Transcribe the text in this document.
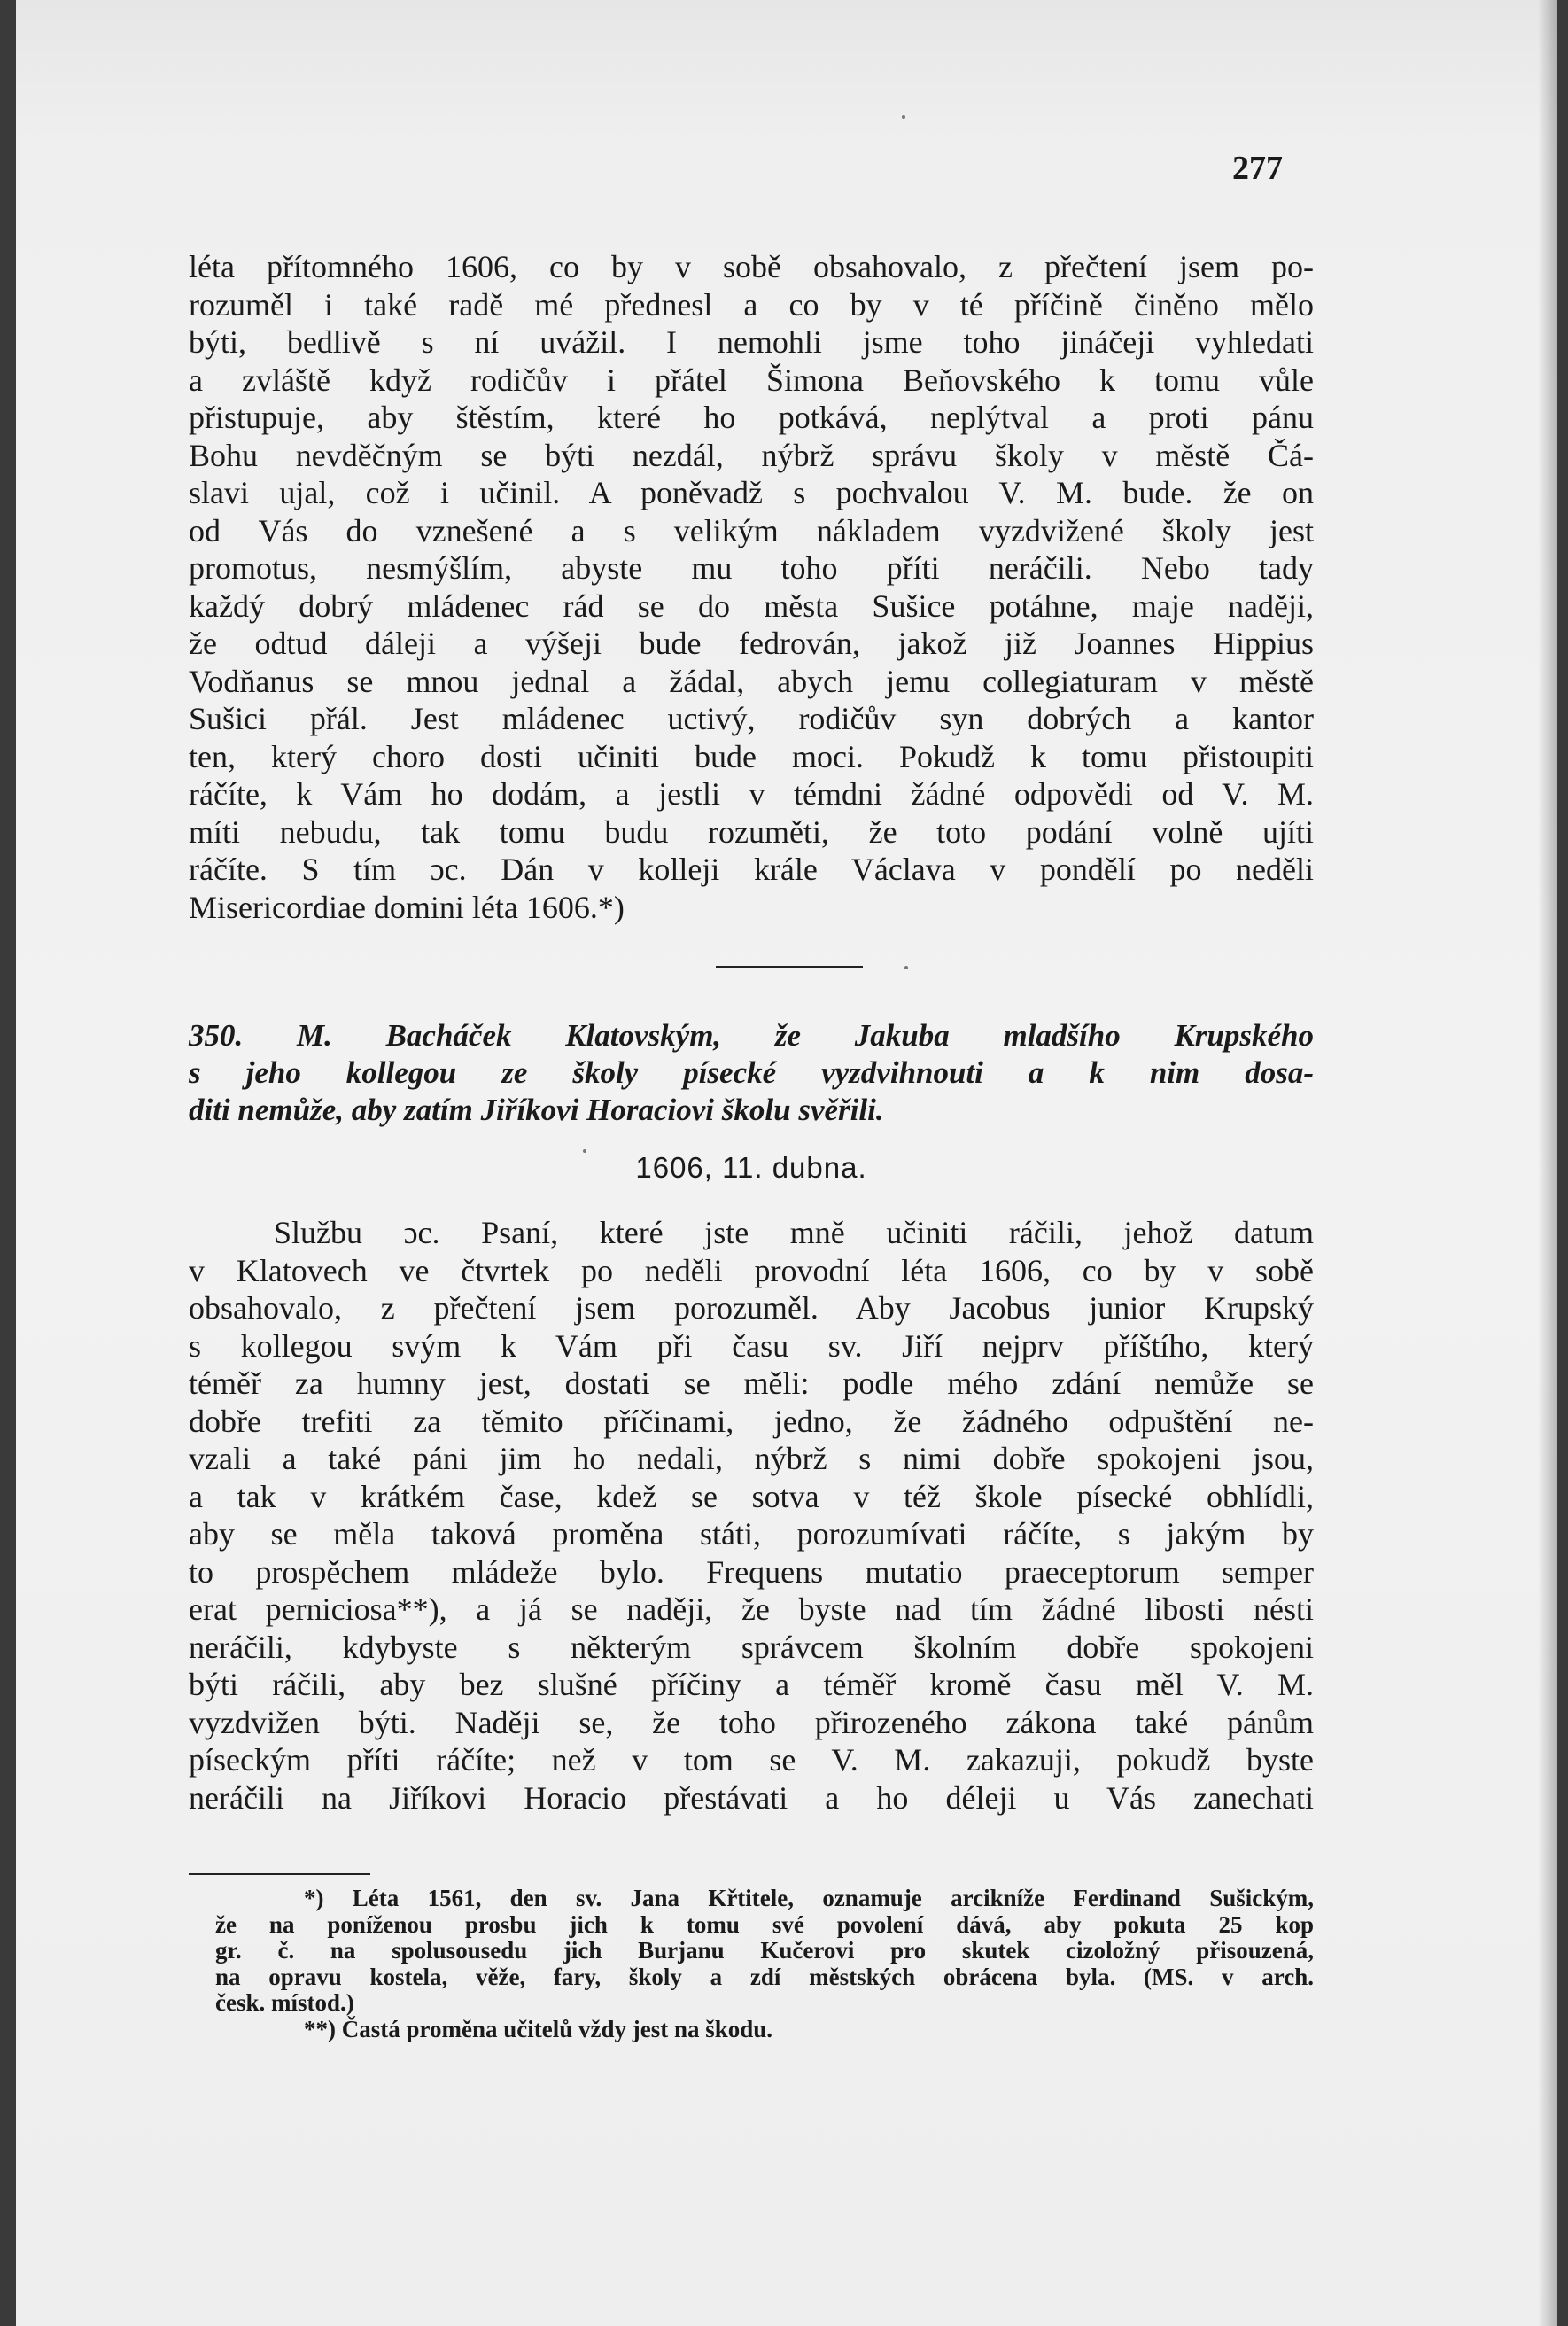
277
léta přítomného 1606, co by v sobě obsahovalo, z přečtení jsem po-
rozuměl i také radě mé přednesl a co by v té příčině činěno mělo
býti, bedlivě s ní uvážil. I nemohli jsme toho jináčeji vyhledati
a zvláště když rodičův i přátel Šimona Beňovského k tomu vůle
přistupuje, aby štěstím, které ho potkává, neplýtval a proti pánu
Bohu nevděčným se býti nezdál, nýbrž správu školy v městě Čá-
slavi ujal, což i učinil. A poněvadž s pochvalou V. M. bude. že on
od Vás do vznešené a s velikým nákladem vyzdvižené školy jest
promotus, nesmýšlím, abyste mu toho příti neráčili. Nebo tady
každý dobrý mládenec rád se do města Sušice potáhne, maje naději,
že odtud dáleji a výšeji bude fedrován, jakož již Joannes Hippius
Vodňanus se mnou jednal a žádal, abych jemu collegiaturam v městě
Sušici přál. Jest mládenec uctivý, rodičův syn dobrých a kantor
ten, který choro dosti učiniti bude moci. Pokudž k tomu přistoupiti
ráčíte, k Vám ho dodám, a jestli v témdni žádné odpovědi od V. M.
míti nebudu, tak tomu budu rozuměti, že toto podání volně ujíti
ráčíte. S tím ɔc. Dán v kolleji krále Václava v pondělí po neděli
Misericordiae domini léta 1606.*)
350. M. Bacháček Klatovským, že Jakuba mladšího Krupského
s jeho kollegou ze školy písecké vyzdvihnouti a k nim dosa-
diti nemůže, aby zatím Jiříkovi Horaciovi školu svěřili.
1606, 11. dubna.
Službu ɔc. Psaní, které jste mně učiniti ráčili, jehož datum
v Klatovech ve čtvrtek po neděli provodní léta 1606, co by v sobě
obsahovalo, z přečtení jsem porozuměl. Aby Jacobus junior Krupský
s kollegou svým k Vám při času sv. Jiří nejprv příštího, který
téměř za humny jest, dostati se měli: podle mého zdání nemůže se
dobře trefiti za těmito příčinami, jedno, že žádného odpuštění ne-
vzali a také páni jim ho nedali, nýbrž s nimi dobře spokojeni jsou,
a tak v krátkém čase, kdež se sotva v též škole písecké obhlídli,
aby se měla taková proměna státi, porozumívati ráčíte, s jakým by
to prospěchem mládeže bylo. Frequens mutatio praeceptorum semper
erat perniciosa**), a já se naději, že byste nad tím žádné libosti nésti
neráčili, kdybyste s některým správcem školním dobře spokojeni
býti ráčili, aby bez slušné příčiny a téměř kromě času měl V. M.
vyzdvižen býti. Naději se, že toho přirozeného zákona také pánům
píseckým příti ráčíte; než v tom se V. M. zakazuji, pokudž byste
neráčili na Jiříkovi Horacio přestávati a ho déleji u Vás zanechati
*) Léta 1561, den sv. Jana Křtitele, oznamuje arcikníže Ferdinand Sušickým,
že na poníženou prosbu jich k tomu své povolení dává, aby pokuta 25 kop
gr. č. na spolusousedu jich Burjanu Kučerovi pro skutek cizoložný přisouzená,
na opravu kostela, věže, fary, školy a zdí městských obrácena byla. (MS. v arch.
česk. místod.)
**) Častá proměna učitelů vždy jest na škodu.
